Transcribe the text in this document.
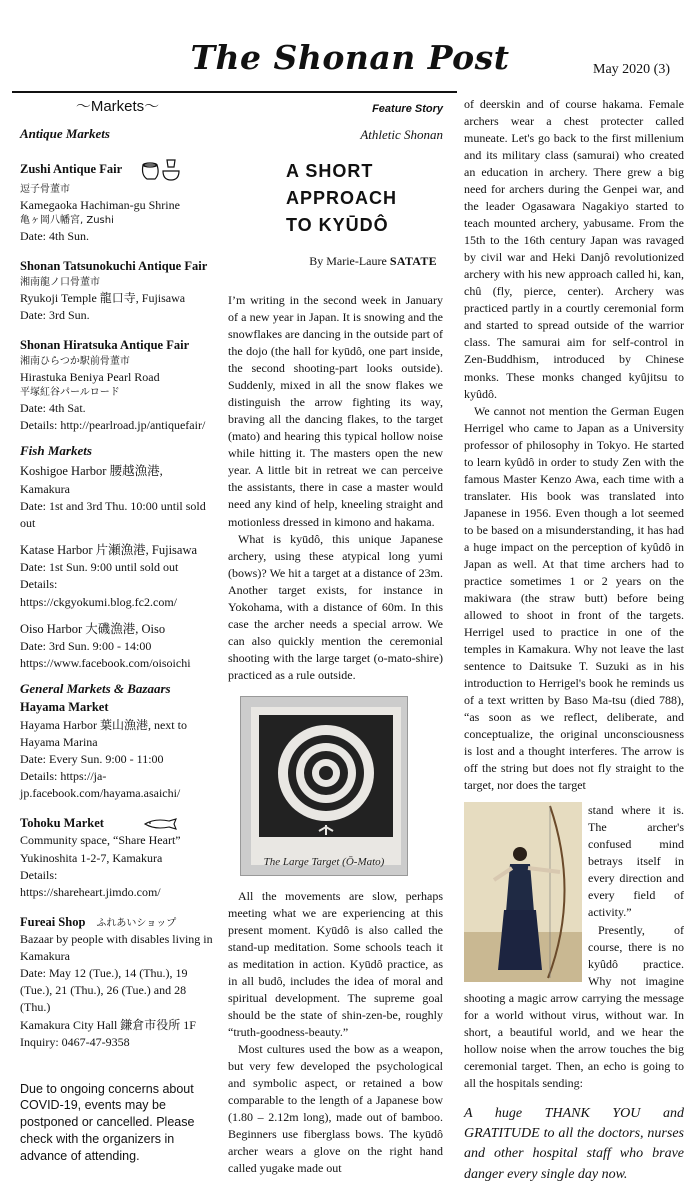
The Shonan Post	May 2020 (3)
〜Markets〜
Antique Markets
Zushi Antique Fair
逗子骨董市
Kamegaoka Hachiman-gu Shrine
亀ヶ岡八幡宮, Zushi
Date: 4th Sun.
Shonan Tatsunokuchi Antique Fair
湘南龍ノ口骨董市
Ryukoji Temple 龍口寺, Fujisawa
Date: 3rd Sun.
Shonan Hiratsuka Antique Fair
湘南ひらつか駅前骨董市
Hirastuka Beniya Pearl Road
平塚紅谷パールロード
Date: 4th Sat.
Details: http://pearlroad.jp/antiquefair/
Fish Markets
Koshigoe Harbor 腰越漁港,
Kamakura
Date: 1st and 3rd Thu. 10:00 until sold out
Katase Harbor 片瀬漁港, Fujisawa
Date: 1st Sun. 9:00 until sold out
Details:
https://ckgyokumi.blog.fc2.com/
Oiso Harbor 大磯漁港, Oiso
Date: 3rd Sun. 9:00 - 14:00
https://www.facebook.com/oisoichi
General Markets & Bazaars
Hayama Market
Hayama Harbor 葉山漁港, next to Hayama Marina
Date: Every Sun. 9:00 - 11:00
Details: https://ja-jp.facebook.com/hayama.asaichi/
Tohoku Market
Community space, “Share Heart”
Yukinoshita 1-2-7, Kamakura
Details:
https://shareheart.jimdo.com/
Fureai Shop ふれあいショップ
Bazaar by people with disables living in Kamakura
Date: May 12 (Tue.), 14 (Thu.), 19 (Tue.), 21 (Thu.), 26 (Tue.) and 28 (Thu.)
Kamakura City Hall 鎌倉市役所 1F
Inquiry: 0467-47-9358
Due to ongoing concerns about COVID-19, events may be postponed or cancelled. Please check with the organizers in advance of attending.
Feature Story
Athletic Shonan
A SHORT
APPROACH
TO KYŪDÔ
By Marie-Laure SATATE

I’m writing in the second week in January of a new year in Japan. It is snowing and the snowflakes are dancing in the outside part of the dojo (the hall for kyūdô, one part inside, the second shooting-part looks outside). Suddenly, mixed in all the snow flakes we distinguish the arrow fighting its way, braving all the dancing flakes, to the target (mato) and hearing this typical hollow noise while hitting it. The masters open the new year. A little bit in retreat we can perceive the assistants, there in case a master would need any kind of help, kneeling straight and motionless dressed in kimono and hakama.

What is kyūdô, this unique Japanese archery, using these atypical long yumi (bows)? We hit a target at a distance of 23m. Another target exists, for instance in Yokohama, with a distance of 60m. In this case the archer needs a special arrow. We can also quickly mention the ceremonial shooting with the large target (o-mato-shire) practiced as a rule outside.

The Large Target (Ō-Mato)

All the movements are slow, perhaps meeting what we are experiencing at this present moment. Kyūdô is also called the stand-up meditation. Some schools teach it as meditation in action. Kyūdô practice, as in all budô, includes the idea of moral and spiritual development. The supreme goal should be the state of shin-zen-be, roughly “truth-goodness-beauty.”

Most cultures used the bow as a weapon, but very few developed the psychological and symbolic aspect, or retained a bow comparable to the length of a Japanese bow (1.80 – 2.12m long), made out of bamboo. Beginners use fiberglass bows. The kyūdô archer wears a glove on the right hand called yugake made out

of deerskin and of course hakama. Female archers wear a chest protecter called muneate. Let's go back to the first millenium and its military class (samurai) who created an education in archery. There grew a big need for archers during the Genpei war, and the leader Ogasawara Nagakiyo started to teach mounted archery, yabusame. From the 15th to the 16th century Japan was ravaged by civil war and Heki Danjô revolutionized archery with his new approach called hi, kan, chû (fly, pierce, center). Archery was practiced partly in a courtly ceremonial form and started to spread outside of the warrior class. The samurai aim for self-control in Zen-Buddhism, introduced by Chinese monks. These monks changed kyûjitsu to kyûdô.

We cannot not mention the German Eugen Herrigel who came to Japan as a University professor of philosophy in Tokyo. He started to learn kyûdô in order to study Zen with the famous Master Kenzo Awa, each time with a translater. His book was translated into Japanese in 1956. Even though a lot seemed to be based on a misunderstanding, it has had a huge impact on the perception of kyûdô in Japan as well. At that time archers had to practice sometimes 1 or 2 years on the makiwara (the straw butt) before being allowed to shoot in front of the targets. Herrigel used to practice in one of the temples in Kamakura. Why not leave the last sentence to Daitsuke T. Suzuki as in his introduction to Herrigel's book he reminds us of a text written by Baso Ma-tsu (died 788), “as soon as we reflect, deliberate, and conceptualize, the original unconsciousness is lost and a thought interferes. The arrow is off the string but does not fly straight to the target, nor does the target

stand where it is. The archer's confused mind betrays itself in every direction and every field of activity.”

Presently, of course, there is no kyûdô practice. Why not imagine shooting a magic arrow carrying the message for a world without virus, without war. In short, a beautiful world, and we hear the hollow noise when the arrow touches the big ceremonial target. Then, an echo is going to all the hospitals sending:

A huge THANK YOU and GRATITUDE to all the doctors, nurses and other hospital staff who brave danger every single day now.
